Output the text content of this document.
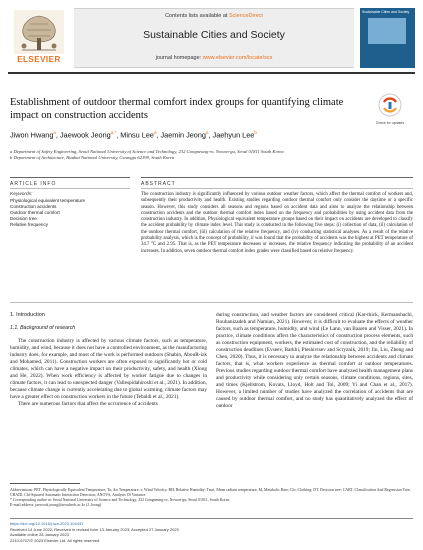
ELSEVIER
Contents lists available at ScienceDirect
Sustainable Cities and Society
journal homepage: www.elsevier.com/locate/scs
Sustainable Cities and Society
Establishment of outdoor thermal comfort index groups for quantifying climate impact on construction accidents
Check for updates
Jiwon Hwang$^a$, Jaewook Jeong$^{a,*}$, Minsu Lee$^a$, Jaemin Jeong$^a$, Jaehyun Lee$^b$
a Department of Safety Engineering, Seoul National University of Science and Technology, 232 Gongneung-ro, Nowon-gu, Seoul 01811 South Korea
b Department of Architecture, Hanbat National University, Gwangju 62399, South Korea
ARTICLE INFO
Keywords:
Physiological equivalent temperature
Construction accidents
Outdoor thermal comfort
Decision tree
Relative frequency
ABSTRACT
The construction industry is significantly influenced by various outdoor weather factors, which affect the thermal comfort of workers and, subsequently their productivity and health. Existing studies regarding outdoor thermal comfort only consider the daytime or a specific season. However, this study considers all seasons and regions based on accident data and aims to analyze the relationship between construction accidents and the outdoor thermal comfort index based on the frequency and probabilities by using accident data from the construction industry. In addition, Physiological equivalent temperature groups based on their impact on accidents are developed to classify the accident probability by climate index level. This study is conducted in the following five steps: (i) collection of data, (ii) calculation of the outdoor thermal comfort, (iii) calculation of the relative frequency, and (iv) conducting statistical analyses. As a result of the relative probability analysis, which is the concept of probability, it was found that the probability of accidents was the highest at PET temperature of 34.7 °C and 2.95. That is, as the PET temperature decreases or increases, the relative frequency indicating the probability of an accident increases. In addition, seven outdoor thermal comfort index grades were classified based on relative frequency.
1. Introduction
1.1. Background of research

The construction industry is affected by various climate factors, such as temperature, humidity, and wind, because it does not have a controlled environment, as the manufacturing industry does, for example, and most of the work is performed outdoors (Shabin, AbouR-izk and Mohamed, 2011). Construction workers are often exposed to significantly hot or cold climates, which can have a negative impact on their productivity, safety, and health (Xiong and He, 2022). When work efficiency is affected by worker fatigue due to changes in climate factors, it can lead to unexpected danger (Vallespidahiroshi et al., 2021). In addition, because climate change is currently accelerating due to global warming, climate factors may have a greater effect on construction workers in the future (Tebaldi et al., 2021).

There are numerous factors that affect the occurrence of accidents

during construction, and weather factors are considered critical (Kar-thick, Kermanshachi, Rouhanizadeh and Namian, 2021). However, it is difficult to evaluate the effects of weather factors, such as temperature, humidity, and wind (Le Lann, van Baaren and Visser, 2021). In practice, climate conditions affect the characteristics of construction process elements, such as construction equipment, workers, the estimated cost of construction, and the reliability of construction deadlines (Evseev, Barkhi, Pleshivtsev and Scryznik, 2019; Jin, Liu, Zheng and Chen, 2020). Thus, it is necessary to analyze the relationship between accidents and climate factors, that is, what workers experience as thermal comfort at outdoor temperatures. Previous studies regarding outdoor thermal comfort have analyzed health management plans and productivity while considering only certain seasons, climate conditions, regions, sites, and times (Kjellstrom, Kovats, Lloyd, Holt and Tol, 2009; Yi and Chan et al., 2017). However, a limited number of studies have analyzed the correlation of accidents that are caused by outdoor thermal comfort, and no study has quantitatively analyzed the effect of outdoor

Abbreviations: PET, Physiologically Equivalent Temperature; Ta, Air Temperature; v, Wind Velocity; RH, Relative Humidity; Tmrt, Mean radiant temperature; M, Metabolic Rate; Clo, Clothing; DT, Decision tree; CART, Classification And Regression Tree; CHAID, Chi-Squared Automatic Interaction Detection; ANOVA, Analysis Of Variance.
* Corresponding author at: Seoul National University of Science and Technology, 232 Gongneung-ro, Nowon-gu, Seoul 01811, South Korea.
E-mail address: jaewook.jeong@seoultech.ac.kr (J. Jeong).
https://doi.org/10.1016/j.scs.2023.104431
Received 14 June 2022; Received in revised form 13 January 2023; Accepted 27 January 2023
Available online 28 January 2023
2210-6707/© 2023 Elsevier Ltd. All rights reserved.
